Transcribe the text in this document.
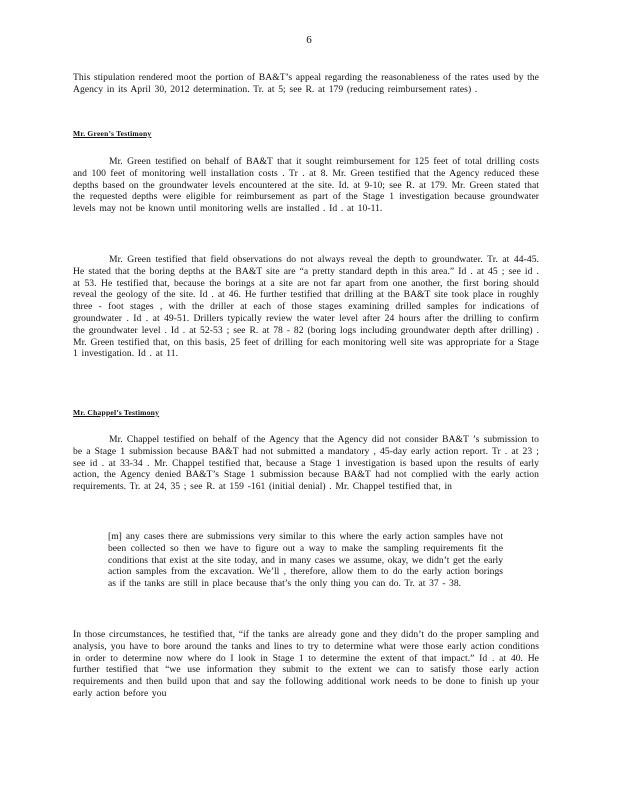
6
This stipulation rendered moot the portion of BA&T’s appeal regarding the reasonableness of the rates used by the Agency in its April 30, 2012 determination. Tr. at 5; see R. at 179 (reducing reimbursement rates) .
Mr. Green’s Testimony
Mr. Green testified on behalf of BA&T that it sought reimbursement for 125 feet of total drilling costs and 100 feet of monitoring well installation costs . Tr . at 8. Mr. Green testified that the Agency reduced these depths based on the groundwater levels encountered at the site. Id. at 9-10; see R. at 179. Mr. Green stated that the requested depths were eligible for reimbursement as part of the Stage 1 investigation because groundwater levels may not be known until monitoring wells are installed . Id . at 10-11.
Mr. Green testified that field observations do not always reveal the depth to groundwater. Tr. at 44-45. He stated that the boring depths at the BA&T site are “a pretty standard depth in this area.” Id . at 45 ; see id . at 53. He testified that, because the borings at a site are not far apart from one another, the first boring should reveal the geology of the site. Id . at 46. He further testified that drilling at the BA&T site took place in roughly three - foot stages , with the driller at each of those stages examining drilled samples for indications of groundwater . Id . at 49-51. Drillers typically review the water level after 24 hours after the drilling to confirm the groundwater level . Id . at 52-53 ; see R. at 78 - 82 (boring logs including groundwater depth after drilling) . Mr. Green testified that, on this basis, 25 feet of drilling for each monitoring well site was appropriate for a Stage 1 investigation. Id . at 11.
Mr. Chappel’s Testimony
Mr. Chappel testified on behalf of the Agency that the Agency did not consider BA&T ’s submission to be a Stage 1 submission because BA&T had not submitted a mandatory , 45-day early action report. Tr . at 23 ; see id . at 33-34 . Mr. Chappel testified that, because a Stage 1 investigation is based upon the results of early action, the Agency denied BA&T’s Stage 1 submission because BA&T had not complied with the early action requirements. Tr. at 24, 35 ; see R. at 159 -161 (initial denial) . Mr. Chappel testified that, in
[m] any cases there are submissions very similar to this where the early action samples have not been collected so then we have to figure out a way to make the sampling requirements fit the conditions that exist at the site today, and in many cases we assume, okay, we didn’t get the early action samples from the excavation. We’ll , therefore, allow them to do the early action borings as if the tanks are still in place because that’s the only thing you can do. Tr. at 37 - 38.
In those circumstances, he testified that, “if the tanks are already gone and they didn’t do the proper sampling and analysis, you have to bore around the tanks and lines to try to determine what were those early action conditions in order to determine now where do I look in Stage 1 to determine the extent of that impact.” Id . at 40. He further testified that “we use information they submit to the extent we can to satisfy those early action requirements and then build upon that and say the following additional work needs to be done to finish up your early action before you
